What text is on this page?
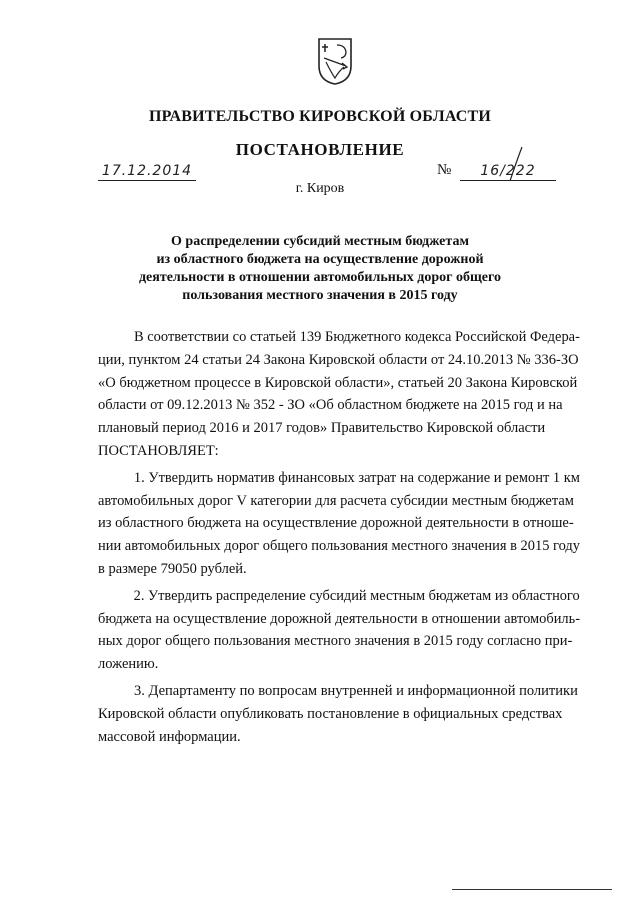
ПРАВИТЕЛЬСТВО КИРОВСКОЙ ОБЛАСТИ
ПОСТАНОВЛЕНИЕ
17.12.2014	№	16/222
г. Киров
О распределении субсидий местным бюджетам
из областного бюджета на осуществление дорожной
деятельности в отношении автомобильных дорог общего
пользования местного значения в 2015 году

В соответствии со статьей 139 Бюджетного кодекса Российской Федера-
ции, пунктом 24 статьи 24 Закона Кировской области от 24.10.2013 № 336-ЗО
«О бюджетном процессе в Кировской области», статьей 20 Закона Кировской
области от 09.12.2013 № 352 - ЗО «Об областном бюджете на 2015 год и на
плановый период 2016 и 2017 годов» Правительство Кировской области
ПОСТАНОВЛЯЕТ:

1. Утвердить норматив финансовых затрат на содержание и ремонт 1 км
автомобильных дорог V категории для расчета субсидии местным бюджетам
из областного бюджета на осуществление дорожной деятельности в отноше-
нии автомобильных дорог общего пользования местного значения в 2015 году
в размере 79050 рублей.

2. Утвердить распределение субсидий местным бюджетам из областного
бюджета на осуществление дорожной деятельности в отношении автомобиль-
ных дорог общего пользования местного значения в 2015 году согласно при-
ложению.

3. Департаменту по вопросам внутренней и информационной политики
Кировской области опубликовать постановление в официальных средствах
массовой информации.
